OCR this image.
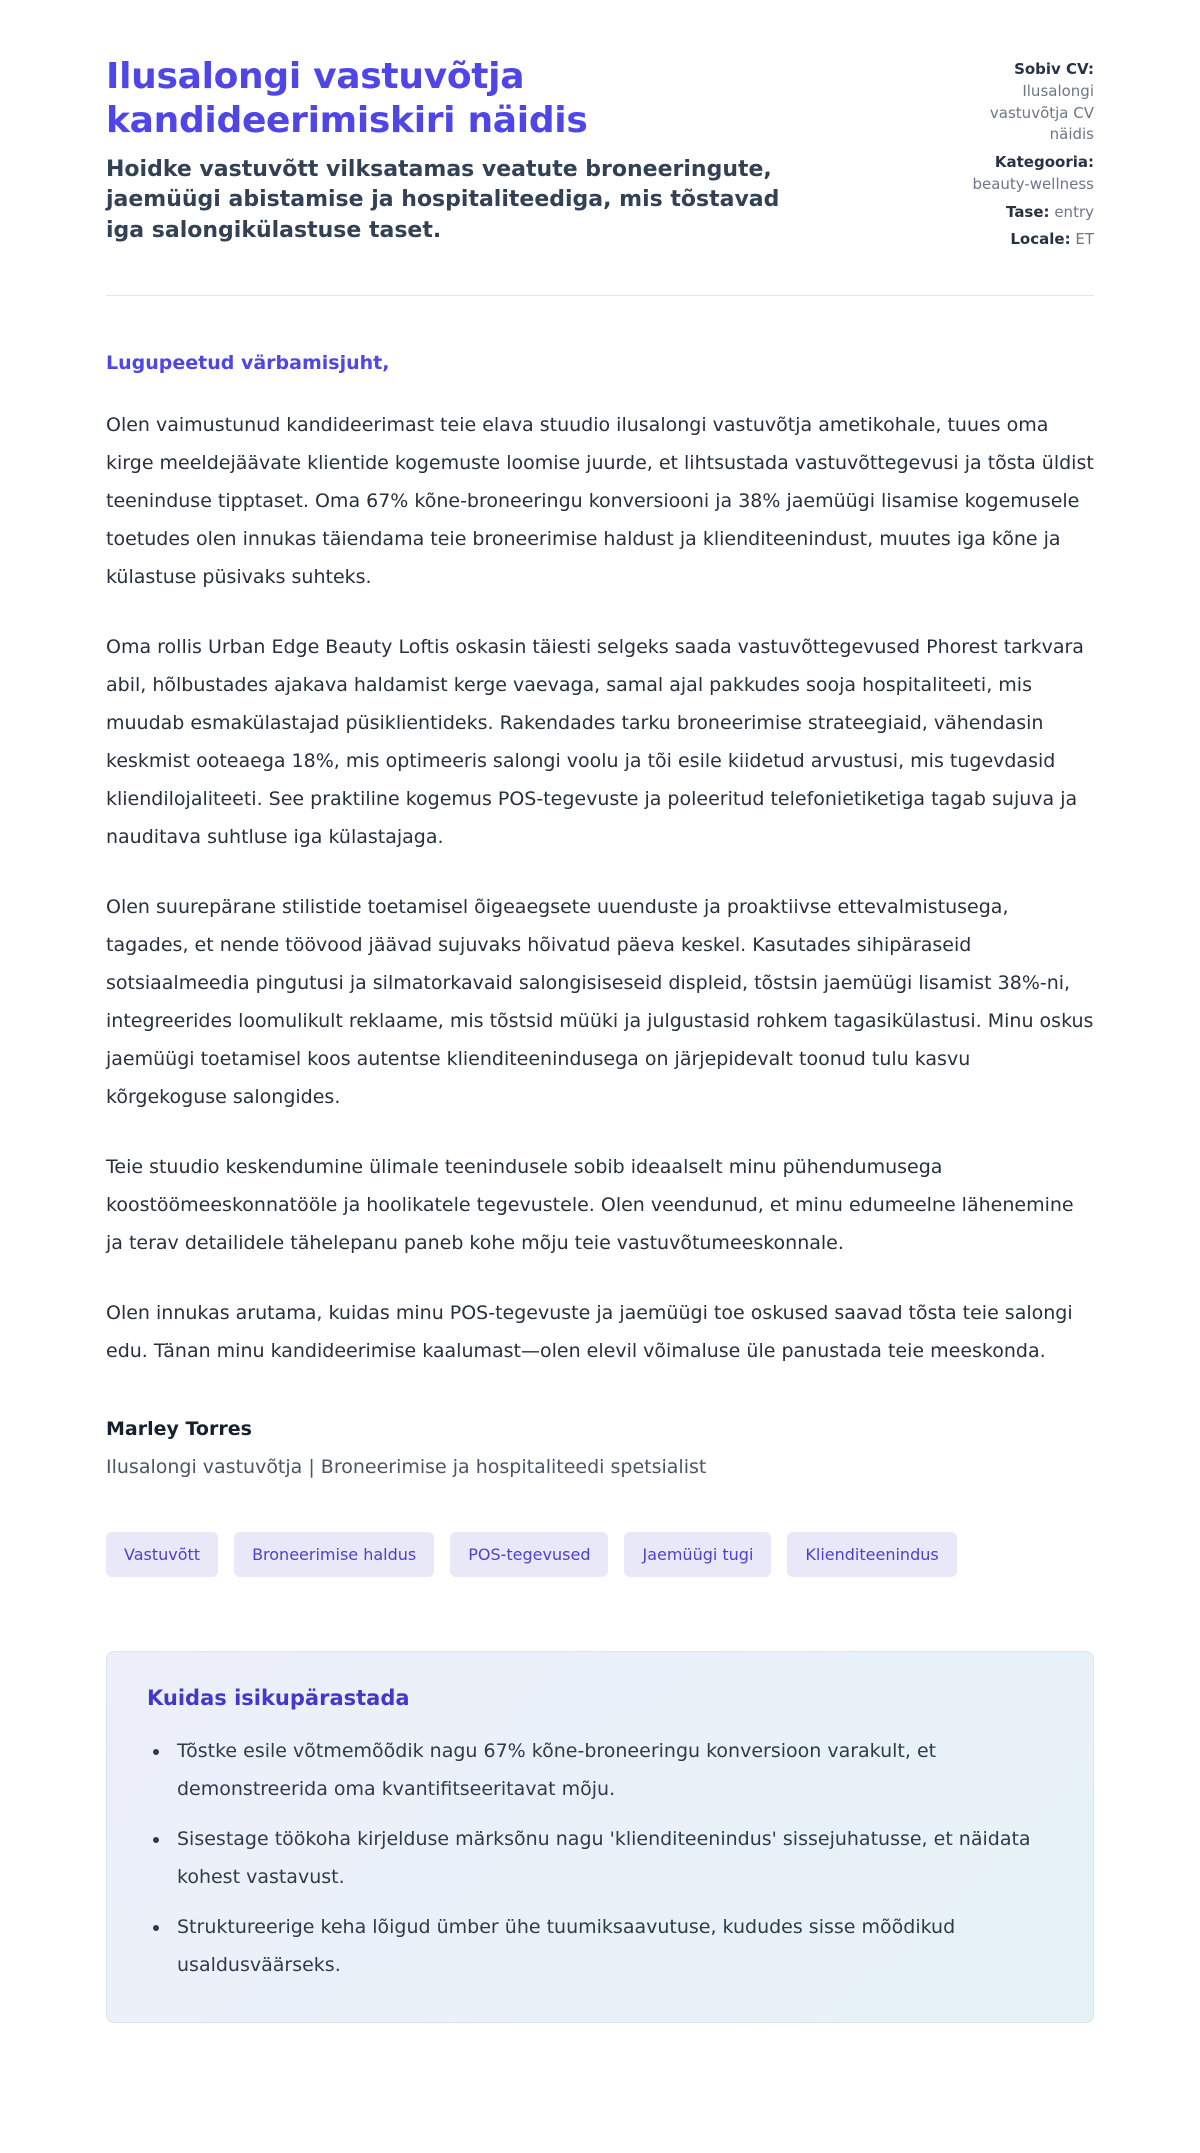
Ilusalongi vastuvõtja kandideerimiskiri näidis

Hoidke vastuvõtt vilksatamas veatute broneeringute, jaemüügi abistamise ja hospitaliteediga, mis tõstavad iga salongikülastuse taset.

Sobiv CV: Ilusalongi vastuvõtja CV näidis
Kategooria: beauty-wellness
Tase: entry
Locale: ET

Lugupeetud värbamisjuht,

Olen vaimustunud kandideerimast teie elava stuudio ilusalongi vastuvõtja ametikohale, tuues oma kirge meeldejäävate klientide kogemuste loomise juurde, et lihtsustada vastuvõttegevusi ja tõsta üldist teeninduse tipptaset. Oma 67% kõne-broneeringu konversiooni ja 38% jaemüügi lisamise kogemusele toetudes olen innukas täiendama teie broneerimise haldust ja klienditeenindust, muutes iga kõne ja külastuse püsivaks suhteks.

Oma rollis Urban Edge Beauty Loftis oskasin täiesti selgeks saada vastuvõttegevused Phorest tarkvara abil, hõlbustades ajakava haldamist kerge vaevaga, samal ajal pakkudes sooja hospitaliteeti, mis muudab esmakülastajad püsiklientideks. Rakendades tarku broneerimise strateegiaid, vähendasin keskmist ooteaega 18%, mis optimeeris salongi voolu ja tõi esile kiidetud arvustusi, mis tugevdasid kliendilojaliteeti. See praktiline kogemus POS-tegevuste ja poleeritud telefonietiketiga tagab sujuva ja nauditava suhtluse iga külastajaga.

Olen suurepärane stilistide toetamisel õigeaegsete uuenduste ja proaktiivse ettevalmistusega, tagades, et nende töövood jäävad sujuvaks hõivatud päeva keskel. Kasutades sihipäraseid sotsiaalmeedia pingutusi ja silmatorkavaid salongisiseseid displeid, tõstsin jaemüügi lisamist 38%-ni, integreerides loomulikult reklaame, mis tõstsid müüki ja julgustasid rohkem tagasikülastusi. Minu oskus jaemüügi toetamisel koos autentse klienditeenindusega on järjepidevalt toonud tulu kasvu kõrgekoguse salongides.

Teie stuudio keskendumine ülimale teenindusele sobib ideaalselt minu pühendumusega koostöömeeskonnatööle ja hoolikatele tegevustele. Olen veendunud, et minu edumeelne lähenemine ja terav detailidele tähelepanu paneb kohe mõju teie vastuvõtumeeskonnale.

Olen innukas arutama, kuidas minu POS-tegevuste ja jaemüügi toe oskused saavad tõsta teie salongi edu. Tänan minu kandideerimise kaalumast—olen elevil võimaluse üle panustada teie meeskonda.

Marley Torres

Ilusalongi vastuvõtja | Broneerimise ja hospitaliteedi spetsialist

Vastuvõtt	Broneerimise haldus	POS-tegevused	Jaemüügi tugi	Klienditeenindus
Kuidas isikupärastada
• Tõstke esile võtmemõõdik nagu 67% kõne-broneeringu konversioon varakult, et demonstreerida oma kvantifitseeritavat mõju.
• Sisestage töökoha kirjelduse märksõnu nagu 'klienditeenindus' sissejuhatusse, et näidata kohest vastavust.
• Struktureerige keha lõigud ümber ühe tuumiksaavutuse, kududes sisse mõõdikud usaldusväärseks.
